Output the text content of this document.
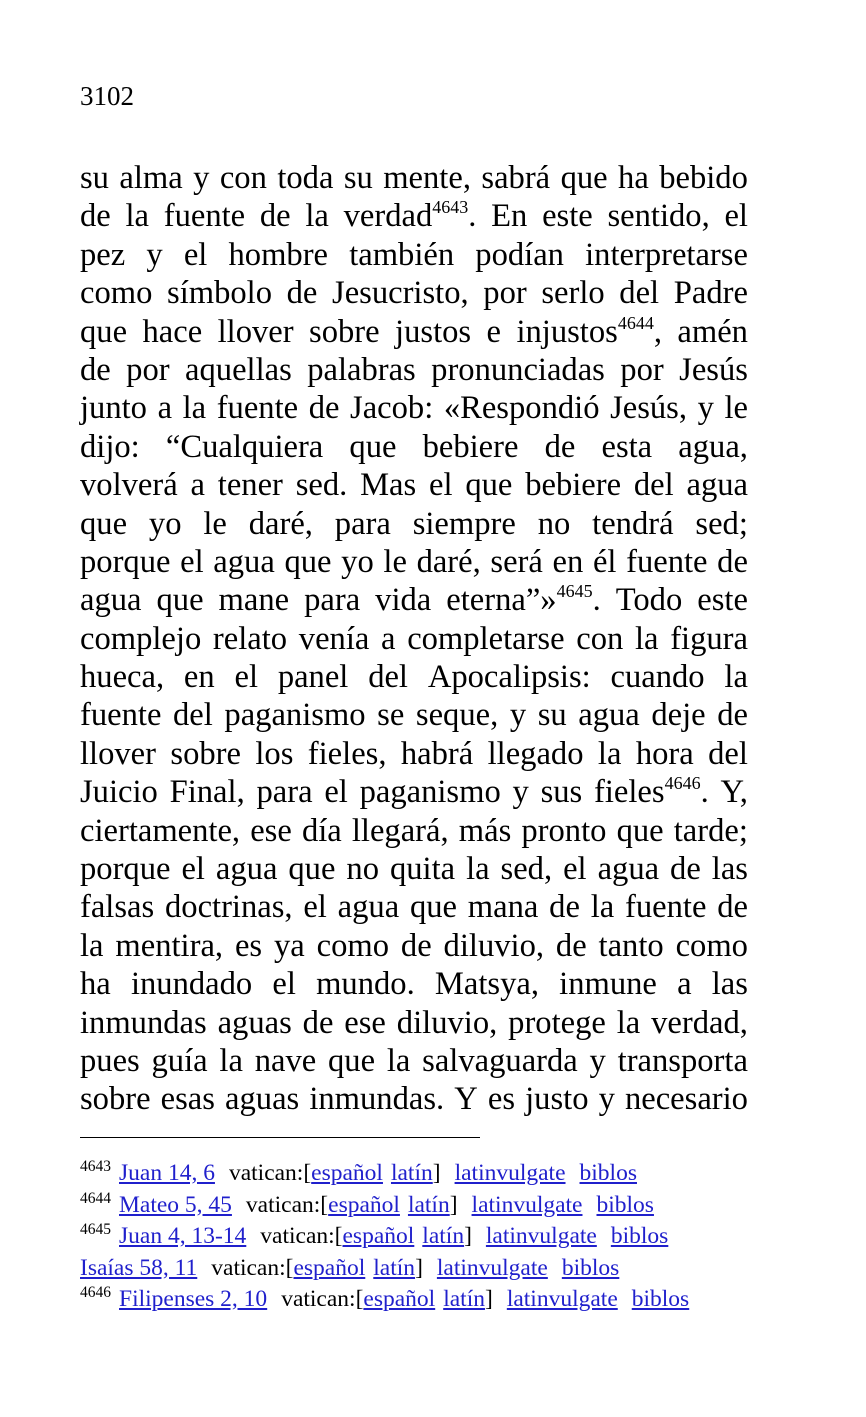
3102
su alma y con toda su mente, sabrá que ha bebido
de la fuente de la verdad$^{4643}$. En este sentido, el
pez y el hombre también podían interpretarse
como símbolo de Jesucristo, por serlo del Padre
que hace llover sobre justos e injustos$^{4644}$, amén
de por aquellas palabras pronunciadas por Jesús
junto a la fuente de Jacob: «Respondió Jesús, y le
dijo: “Cualquiera que bebiere de esta agua,
volverá a tener sed. Mas el que bebiere del agua
que yo le daré, para siempre no tendrá sed;
porque el agua que yo le daré, será en él fuente de
agua que mane para vida eterna”»$^{4645}$. Todo este
complejo relato venía a completarse con la figura
hueca, en el panel del Apocalipsis: cuando la
fuente del paganismo se seque, y su agua deje de
llover sobre los fieles, habrá llegado la hora del
Juicio Final, para el paganismo y sus fieles$^{4646}$. Y,
ciertamente, ese día llegará, más pronto que tarde;
porque el agua que no quita la sed, el agua de las
falsas doctrinas, el agua que mana de la fuente de
la mentira, es ya como de diluvio, de tanto como
ha inundado el mundo. Matsya, inmune a las
inmundas aguas de ese diluvio, protege la verdad,
pues guía la nave que la salvaguarda y transporta
sobre esas aguas inmundas. Y es justo y necesario
$^{4643}$ Juan 14, 6 vatican:[español latín] latinvulgate biblos
$^{4644}$ Mateo 5, 45 vatican:[español latín] latinvulgate biblos
$^{4645}$ Juan 4, 13-14 vatican:[español latín] latinvulgate biblos
Isaías 58, 11 vatican:[español latín] latinvulgate biblos
$^{4646}$ Filipenses 2, 10 vatican:[español latín] latinvulgate biblos
